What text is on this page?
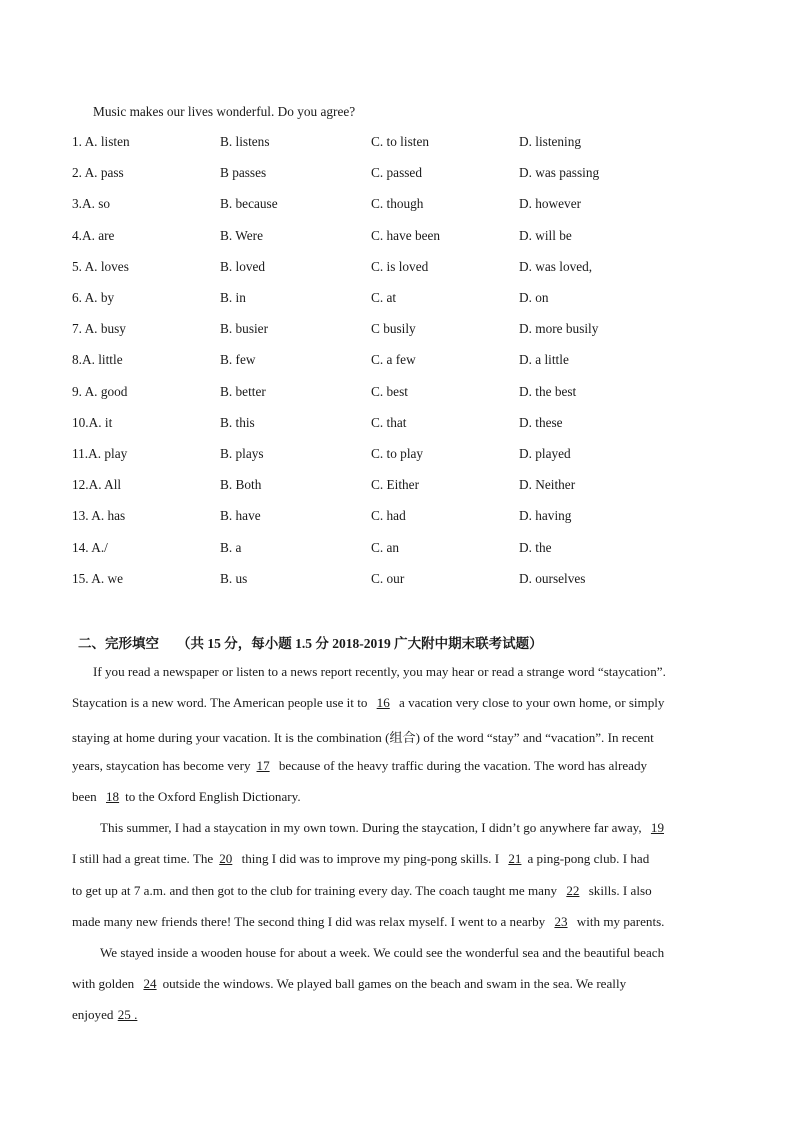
Music makes our lives wonderful. Do you agree?
1. A. listen	B. listens	C. to listen	D. listening
2. A. pass	B passes	C. passed	D. was passing
3.A. so	B. because	C. though	D. however
4.A. are	B. Were	C. have been	D. will be
5. A. loves	B. loved	C. is loved	D. was loved,
6. A. by	B. in	C. at	D. on
7. A. busy	B. busier	C busily	D. more busily
8.A. little	B. few	C. a few	D. a little
9. A. good	B. better	C. best	D. the best
10.A. it	B. this	C. that	D. these
11.A. play	B. plays	C. to play	D. played
12.A. All	B. Both	C. Either	D. Neither
13. A. has	B. have	C. had	D. having
14. A./	B. a	C. an	D. the
15. A. we	B. us	C. our	D. ourselves
二、完形填空 （共 15 分，每小题 1.5 分 2018-2019 广大附中期末联考试题）
If you read a newspaper or listen to a news report recently, you may hear or read a strange word “staycation”.
Staycation is a new word. The American people use it to 16 a vacation very close to your own home, or simply
staying at home during your vacation. It is the combination (组合) of the word “stay” and “vacation”. In recent
years, staycation has become very 17 because of the heavy traffic during the vacation. The word has already
been 18 to the Oxford English Dictionary.
This summer, I had a staycation in my own town. During the staycation, I didn’t go anywhere far away, 19
I still had a great time. The 20 thing I did was to improve my ping-pong skills. I 21 a ping-pong club. I had
to get up at 7 a.m. and then got to the club for training every day. The coach taught me many 22 skills. I also
made many new friends there! The second thing I did was relax myself. I went to a nearby 23 with my parents.
We stayed inside a wooden house for about a week. We could see the wonderful sea and the beautiful beach
with golden 24 outside the windows. We played ball games on the beach and swam in the sea. We really
enjoyed 25 .
